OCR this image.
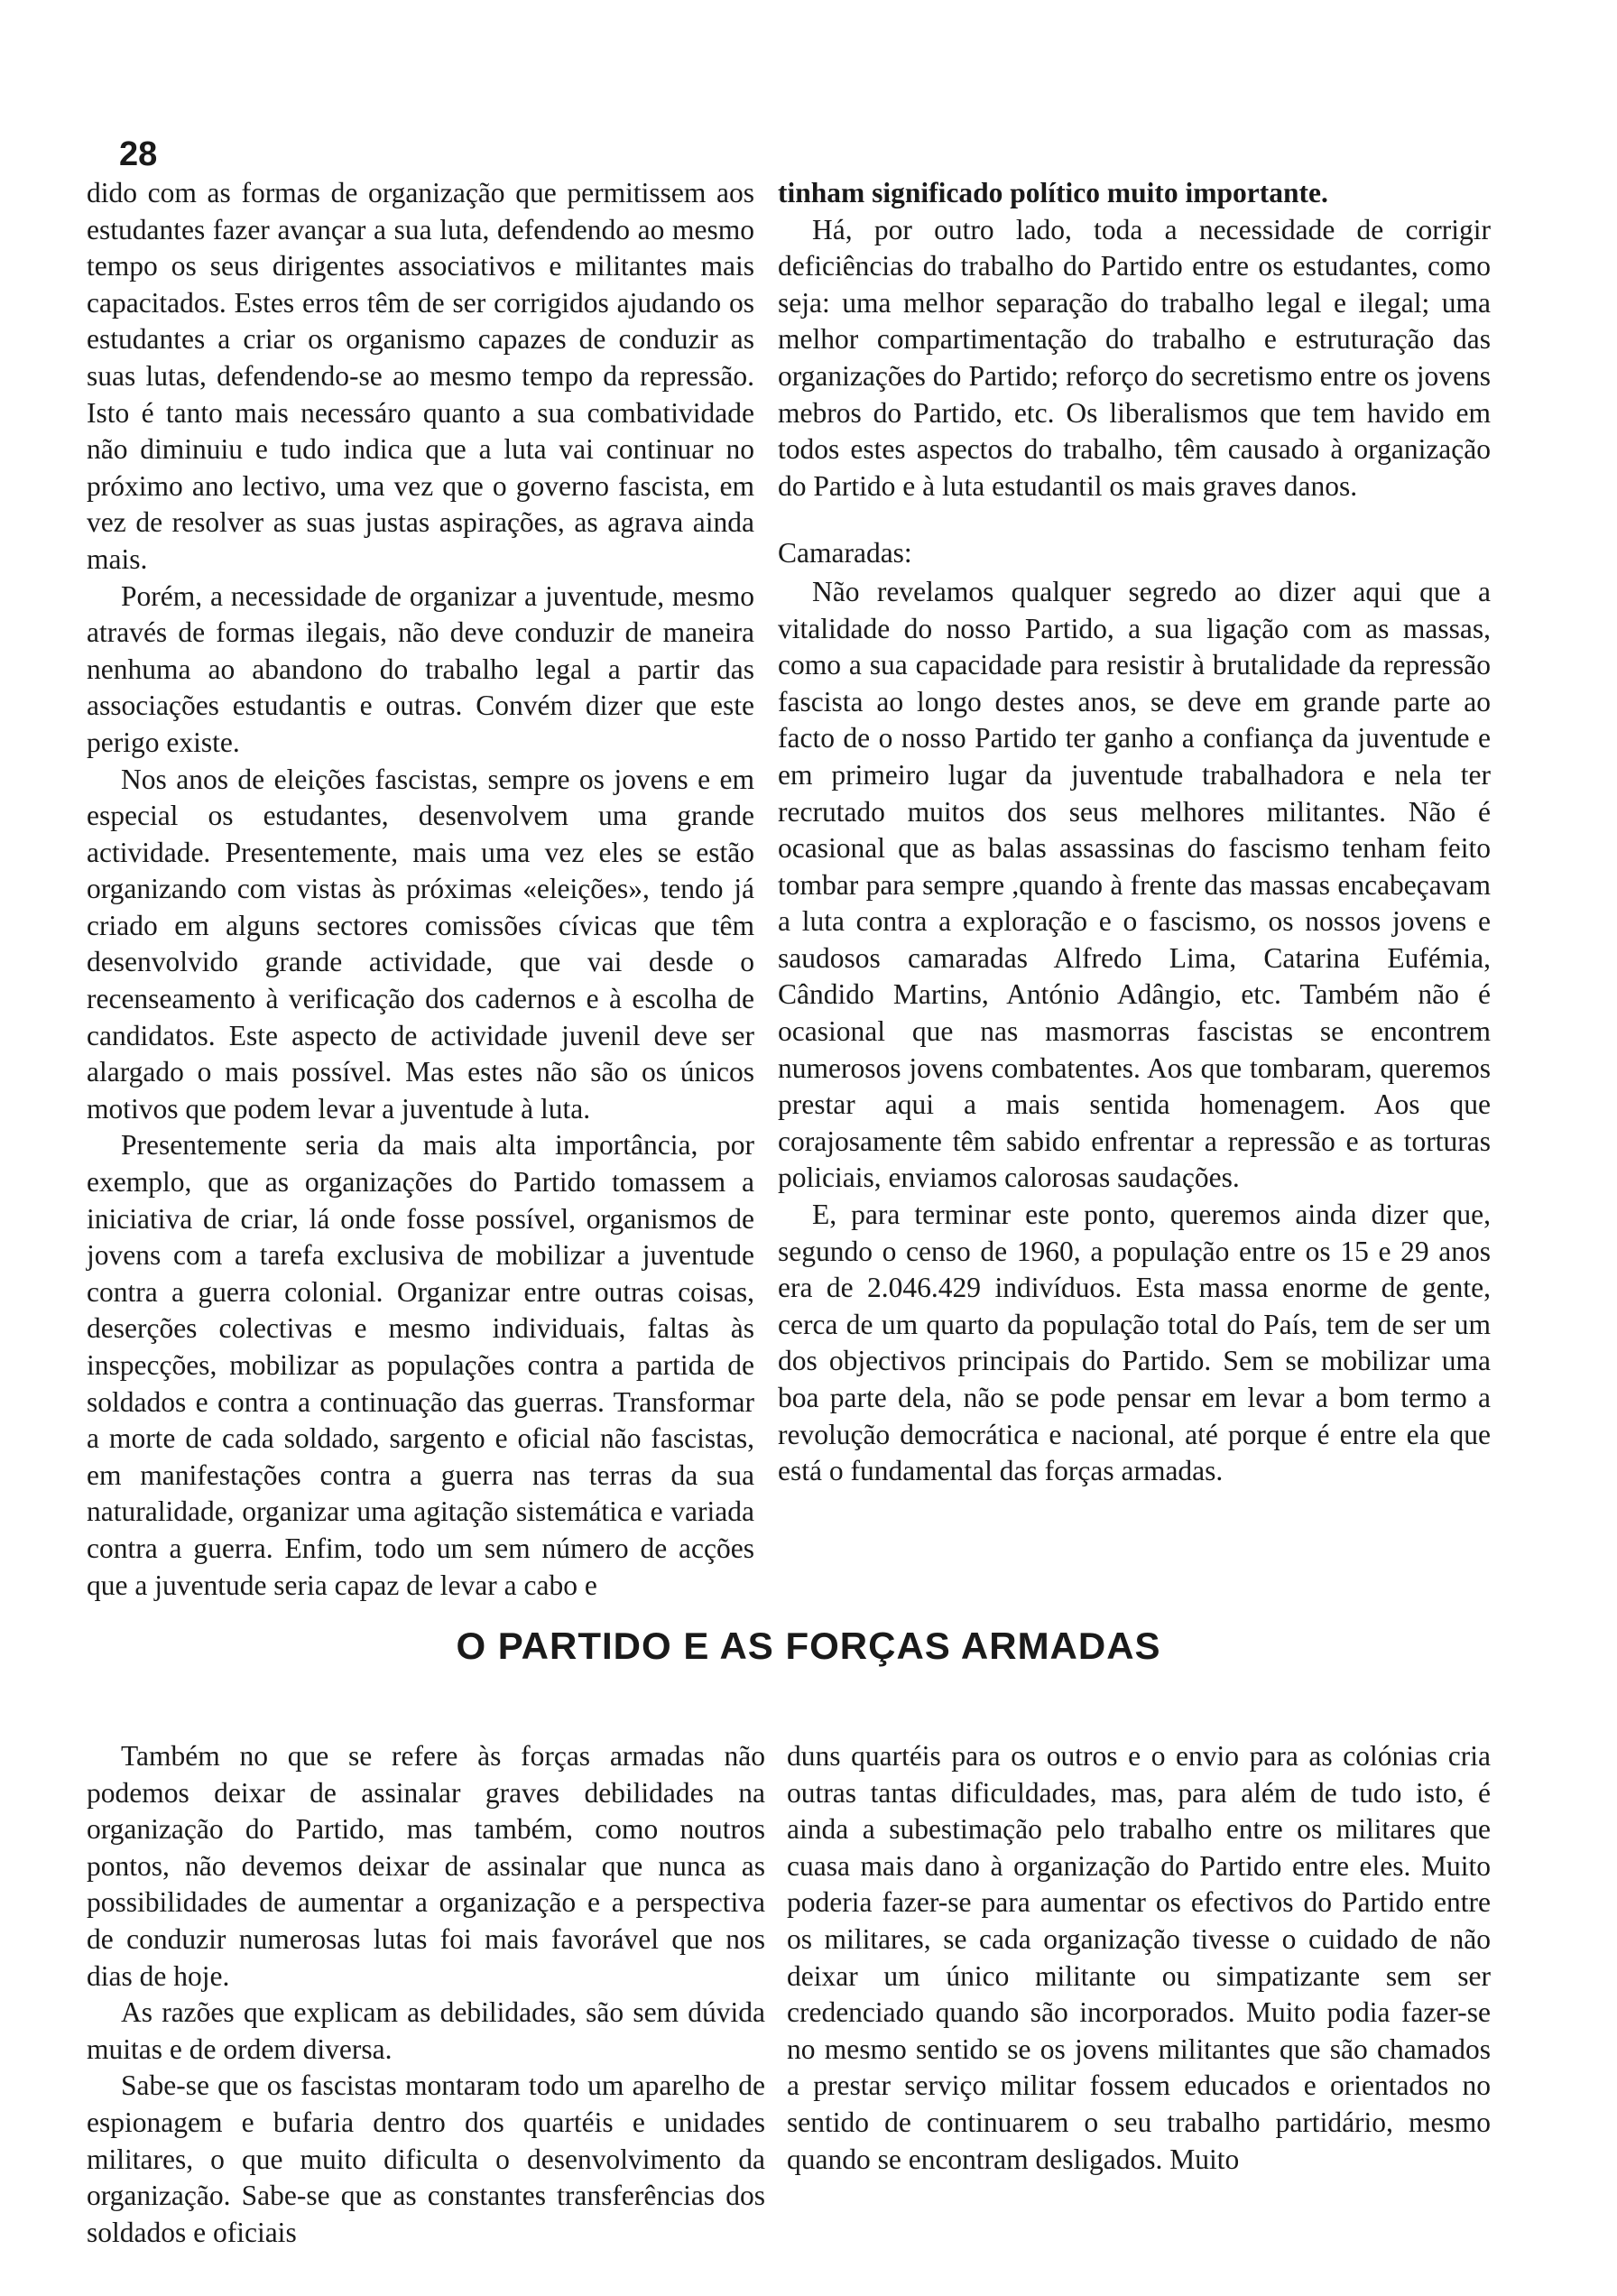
28

dido com as formas de organização que permitissem aos estudantes fazer avançar a sua luta, defendendo ao mesmo tempo os seus dirigentes associativos e militantes mais capacitados. Estes erros têm de ser corrigidos ajudando os estudantes a criar os organismo capazes de conduzir as suas lutas, defendendo-se ao mesmo tempo da repressão. Isto é tanto mais necessáro quanto a sua combatividade não diminuiu e tudo indica que a luta vai continuar no próximo ano lectivo, uma vez que o governo fascista, em vez de resolver as suas justas aspirações, as agrava ainda mais.

Porém, a necessidade de organizar a juventude, mesmo através de formas ilegais, não deve conduzir de maneira nenhuma ao abandono do trabalho legal a partir das associações estudantis e outras. Convém dizer que este perigo existe.

Nos anos de eleições fascistas, sempre os jovens e em especial os estudantes, desenvolvem uma grande actividade. Presentemente, mais uma vez eles se estão organizando com vistas às próximas «eleições», tendo já criado em alguns sectores comissões cívicas que têm desenvolvido grande actividade, que vai desde o recenseamento à verificação dos cadernos e à escolha de candidatos. Este aspecto de actividade juvenil deve ser alargado o mais possível. Mas estes não são os únicos motivos que podem levar a juventude à luta.

Presentemente seria da mais alta importância, por exemplo, que as organizações do Partido tomassem a iniciativa de criar, lá onde fosse possível, organismos de jovens com a tarefa exclusiva de mobilizar a juventude contra a guerra colonial. Organizar entre outras coisas, deserções colectivas e mesmo individuais, faltas às inspecções, mobilizar as populações contra a partida de soldados e contra a continuação das guerras. Transformar a morte de cada soldado, sargento e oficial não fascistas, em manifestações contra a guerra nas terras da sua naturalidade, organizar uma agitação sistemática e variada contra a guerra. Enfim, todo um sem número de acções que a juventude seria capaz de levar a cabo e

tinham significado político muito importante.

Há, por outro lado, toda a necessidade de corrigir deficiências do trabalho do Partido entre os estudantes, como seja: uma melhor separação do trabalho legal e ilegal; uma melhor compartimentação do trabalho e estruturação das organizações do Partido; reforço do secretismo entre os jovens mebros do Partido, etc. Os liberalismos que tem havido em todos estes aspectos do trabalho, têm causado à organização do Partido e à luta estudantil os mais graves danos.

Camaradas:

Não revelamos qualquer segredo ao dizer aqui que a vitalidade do nosso Partido, a sua ligação com as massas, como a sua capacidade para resistir à brutalidade da repressão fascista ao longo destes anos, se deve em grande parte ao facto de o nosso Partido ter ganho a confiança da juventude e em primeiro lugar da juventude trabalhadora e nela ter recrutado muitos dos seus melhores militantes. Não é ocasional que as balas assassinas do fascismo tenham feito tombar para sempre ,quando à frente das massas encabeçavam a luta contra a exploração e o fascismo, os nossos jovens e saudosos camaradas Alfredo Lima, Catarina Eufémia, Cândido Martins, António Adângio, etc. Também não é ocasional que nas masmorras fascistas se encontrem numerosos jovens combatentes. Aos que tombaram, queremos prestar aqui a mais sentida homenagem. Aos que corajosamente têm sabido enfrentar a repressão e as torturas policiais, enviamos calorosas saudações.

E, para terminar este ponto, queremos ainda dizer que, segundo o censo de 1960, a população entre os 15 e 29 anos era de 2.046.429 indivíduos. Esta massa enorme de gente, cerca de um quarto da população total do País, tem de ser um dos objectivos principais do Partido. Sem se mobilizar uma boa parte dela, não se pode pensar em levar a bom termo a revolução democrática e nacional, até porque é entre ela que está o fundamental das forças armadas.

O PARTIDO E AS FORÇAS ARMADAS

Também no que se refere às forças armadas não podemos deixar de assinalar graves debilidades na organização do Partido, mas também, como noutros pontos, não devemos deixar de assinalar que nunca as possibilidades de aumentar a organização e a perspectiva de conduzir numerosas lutas foi mais favorável que nos dias de hoje.

As razões que explicam as debilidades, são sem dúvida muitas e de ordem diversa.

Sabe-se que os fascistas montaram todo um aparelho de espionagem e bufaria dentro dos quartéis e unidades militares, o que muito dificulta o desenvolvimento da organização. Sabe-se que as constantes transferências dos soldados e oficiais

duns quartéis para os outros e o envio para as colónias cria outras tantas dificuldades, mas, para além de tudo isto, é ainda a subestimação pelo trabalho entre os militares que cuasa mais dano à organização do Partido entre eles. Muito poderia fazer-se para aumentar os efectivos do Partido entre os militares, se cada organização tivesse o cuidado de não deixar um único militante ou simpatizante sem ser credenciado quando são incorporados. Muito podia fazer-se no mesmo sentido se os jovens militantes que são chamados a prestar serviço militar fossem educados e orientados no sentido de continuarem o seu trabalho partidário, mesmo quando se encontram desligados. Muito
